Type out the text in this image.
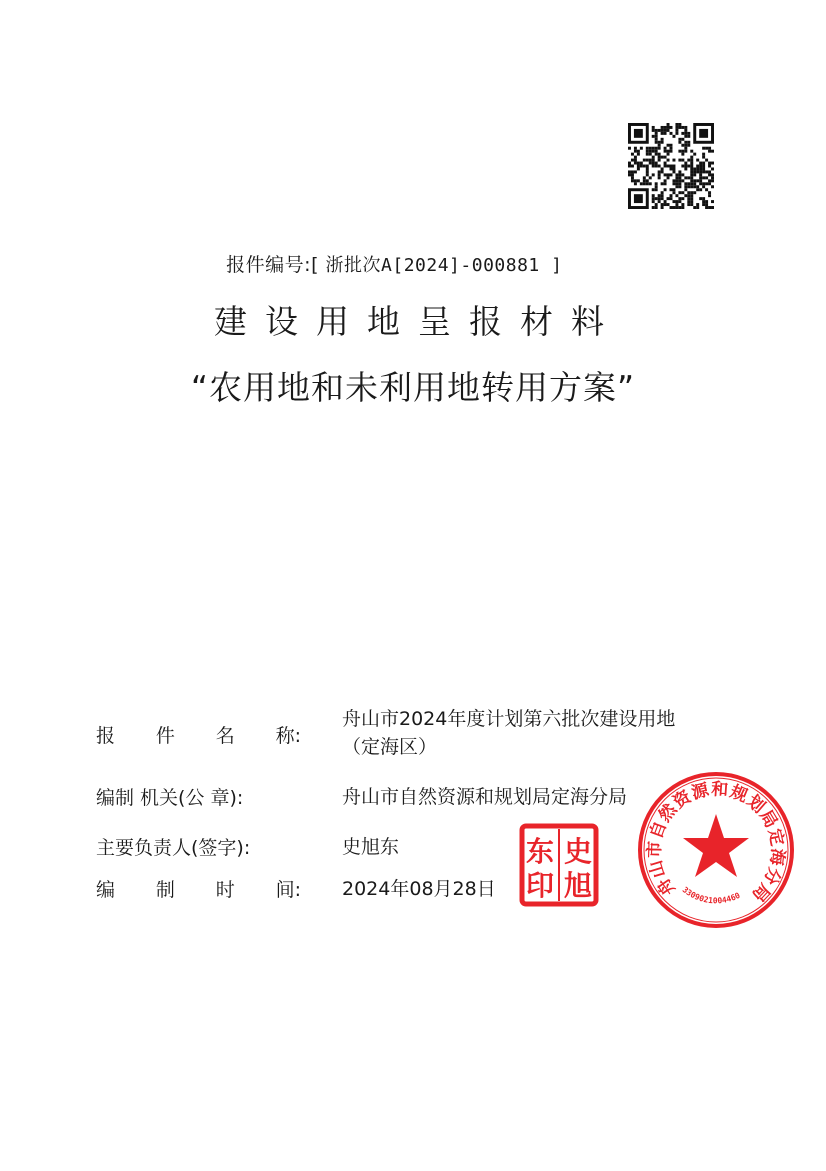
报件编号:[ 浙批次A[2024]-000881 ]

建设用地呈报材料
“农用地和未利用地转用方案”
报 件 名 称:
舟山市2024年度计划第六批次建设用地（定海区）
编制 机关(公 章):	舟山市自然资源和规划局定海分局
主要负责人(签字):	史旭东
编 制 时 间: 2024年08月28日
东 史
印 旭	舟山市自然资源和规划局定海分局
3309021004460
